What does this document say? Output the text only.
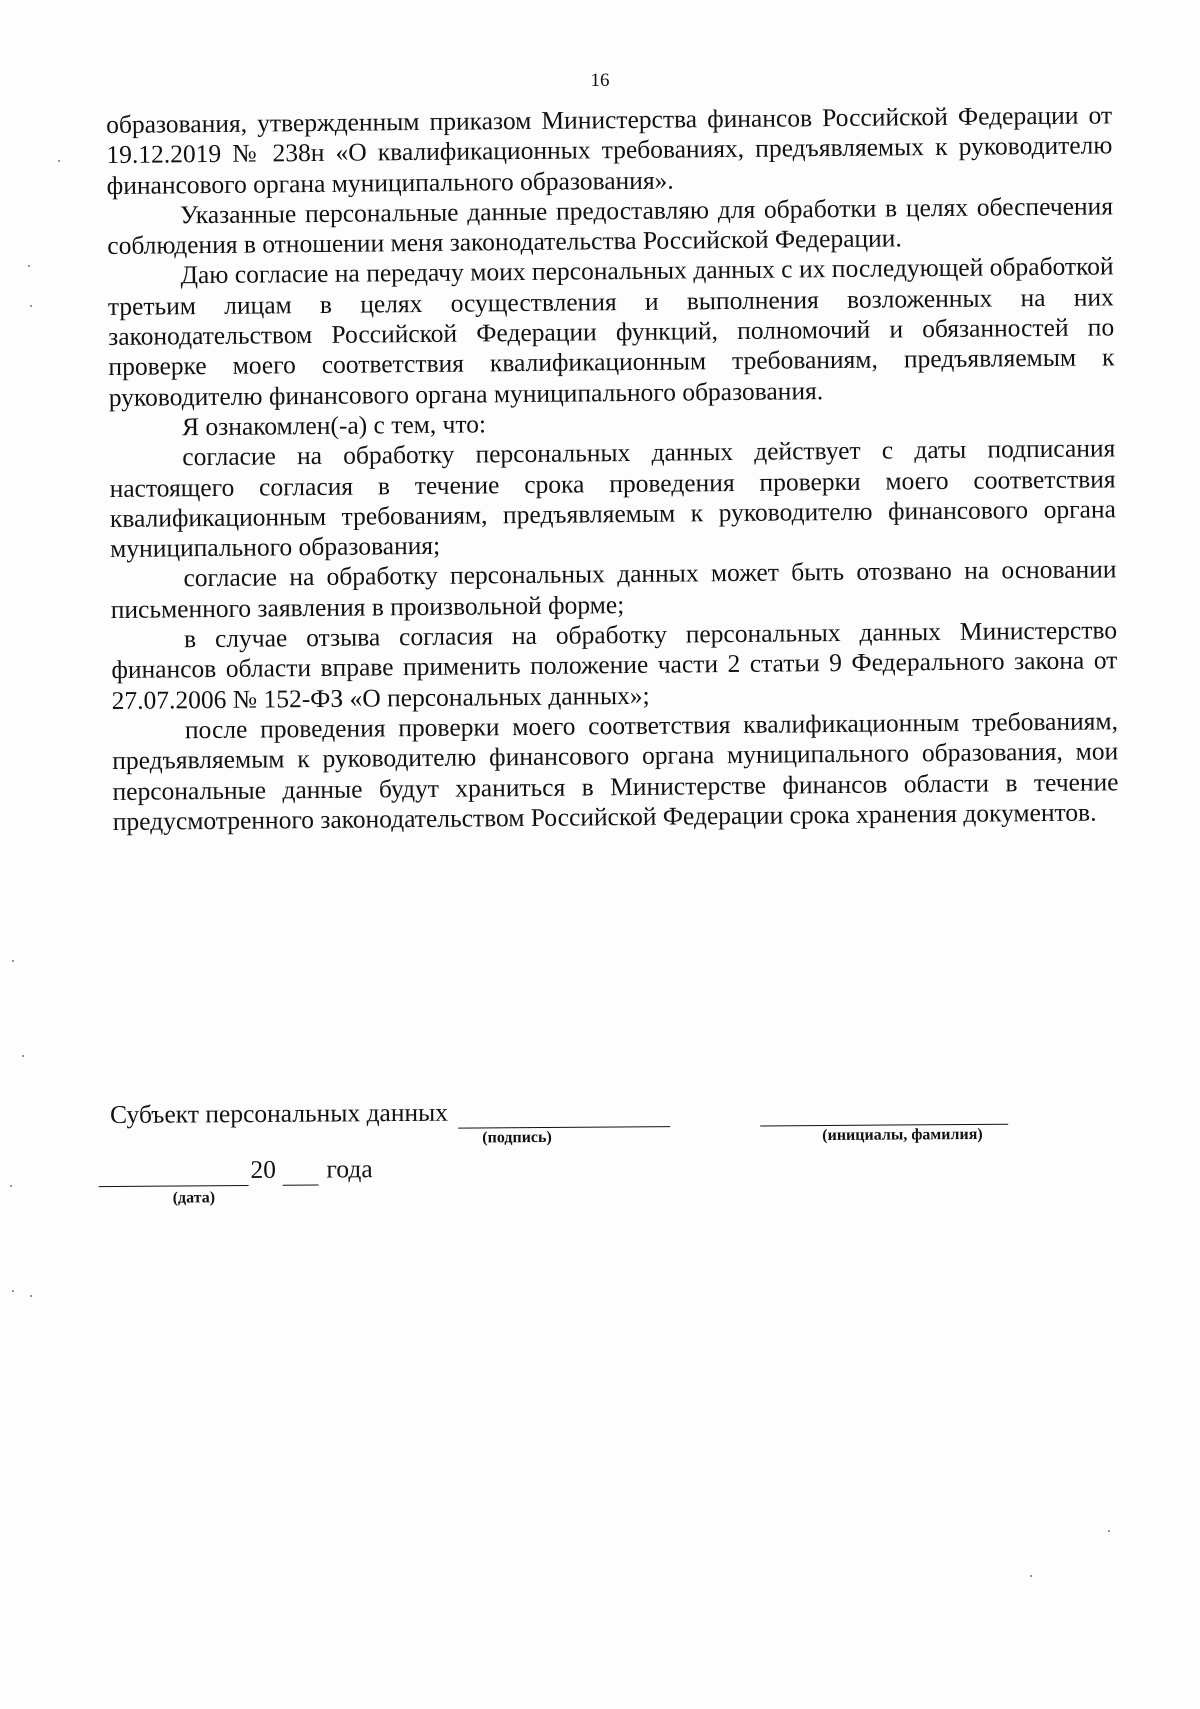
16

образования, утвержденным приказом Министерства финансов Российской Федерации от 19.12.2019 № 238н «О квалификационных требованиях, предъявляемых к руководителю финансового органа муниципального образования».

Указанные персональные данные предоставляю для обработки в целях обеспечения соблюдения в отношении меня законодательства Российской Федерации.

Даю согласие на передачу моих персональных данных с их последующей обработкой третьим лицам в целях осуществления и выполнения возложенных на них законодательством Российской Федерации функций, полномочий и обязанностей по проверке моего соответствия квалификационным требованиям, предъявляемым к руководителю финансового органа муниципального образования.

Я ознакомлен(-а) с тем, что:

согласие на обработку персональных данных действует с даты подписания настоящего согласия в течение срока проведения проверки моего соответствия квалификационным требованиям, предъявляемым к руководителю финансового органа муниципального образования;

согласие на обработку персональных данных может быть отозвано на основании письменного заявления в произвольной форме;

в случае отзыва согласия на обработку персональных данных Министерство финансов области вправе применить положение части 2 статьи 9 Федерального закона от 27.07.2006 № 152-ФЗ «О персональных данных»;

после проведения проверки моего соответствия квалификационным требованиям, предъявляемым к руководителю финансового органа муниципального образования, мои персональные данные будут храниться в Министерстве финансов области в течение предусмотренного законодательством Российской Федерации срока хранения документов.

Субъект персональных данных
(подпись)	(инициалы, фамилия)
20 года
(дата)
